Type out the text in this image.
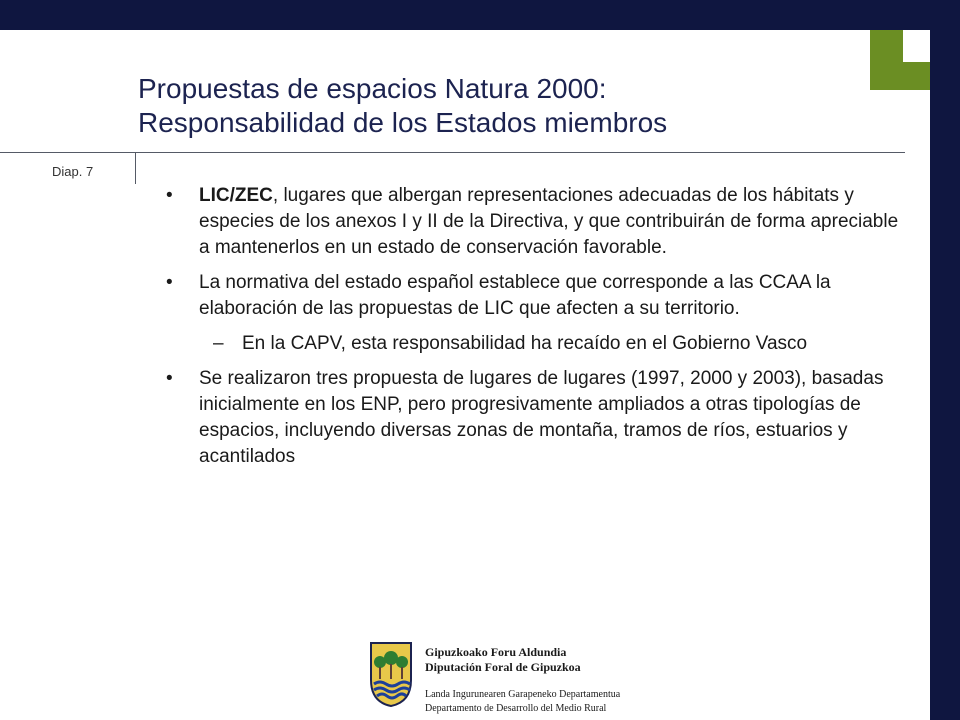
Propuestas de espacios Natura 2000:
Responsabilidad de los Estados miembros
Diap. 7
• LIC/ZEC, lugares que albergan representaciones adecuadas de los hábitats y especies de los anexos I y II de la Directiva, y que contribuirán de forma apreciable a mantenerlos en un estado de conservación favorable.
• La normativa del estado español establece que corresponde a las CCAA la elaboración de las propuestas de LIC que afecten a su territorio.
– En la CAPV, esta responsabilidad ha recaído en el Gobierno Vasco
• Se realizaron tres propuesta de lugares de lugares (1997, 2000 y 2003), basadas inicialmente en los ENP, pero progresivamente ampliados a otras tipologías de espacios, incluyendo diversas zonas de montaña, tramos de ríos, estuarios y acantilados
Gipuzkoako Foru Aldundia
Diputación Foral de Gipuzkoa
Landa Ingurunearen Garapeneko Departamentua
Departamento de Desarrollo del Medio Rural
